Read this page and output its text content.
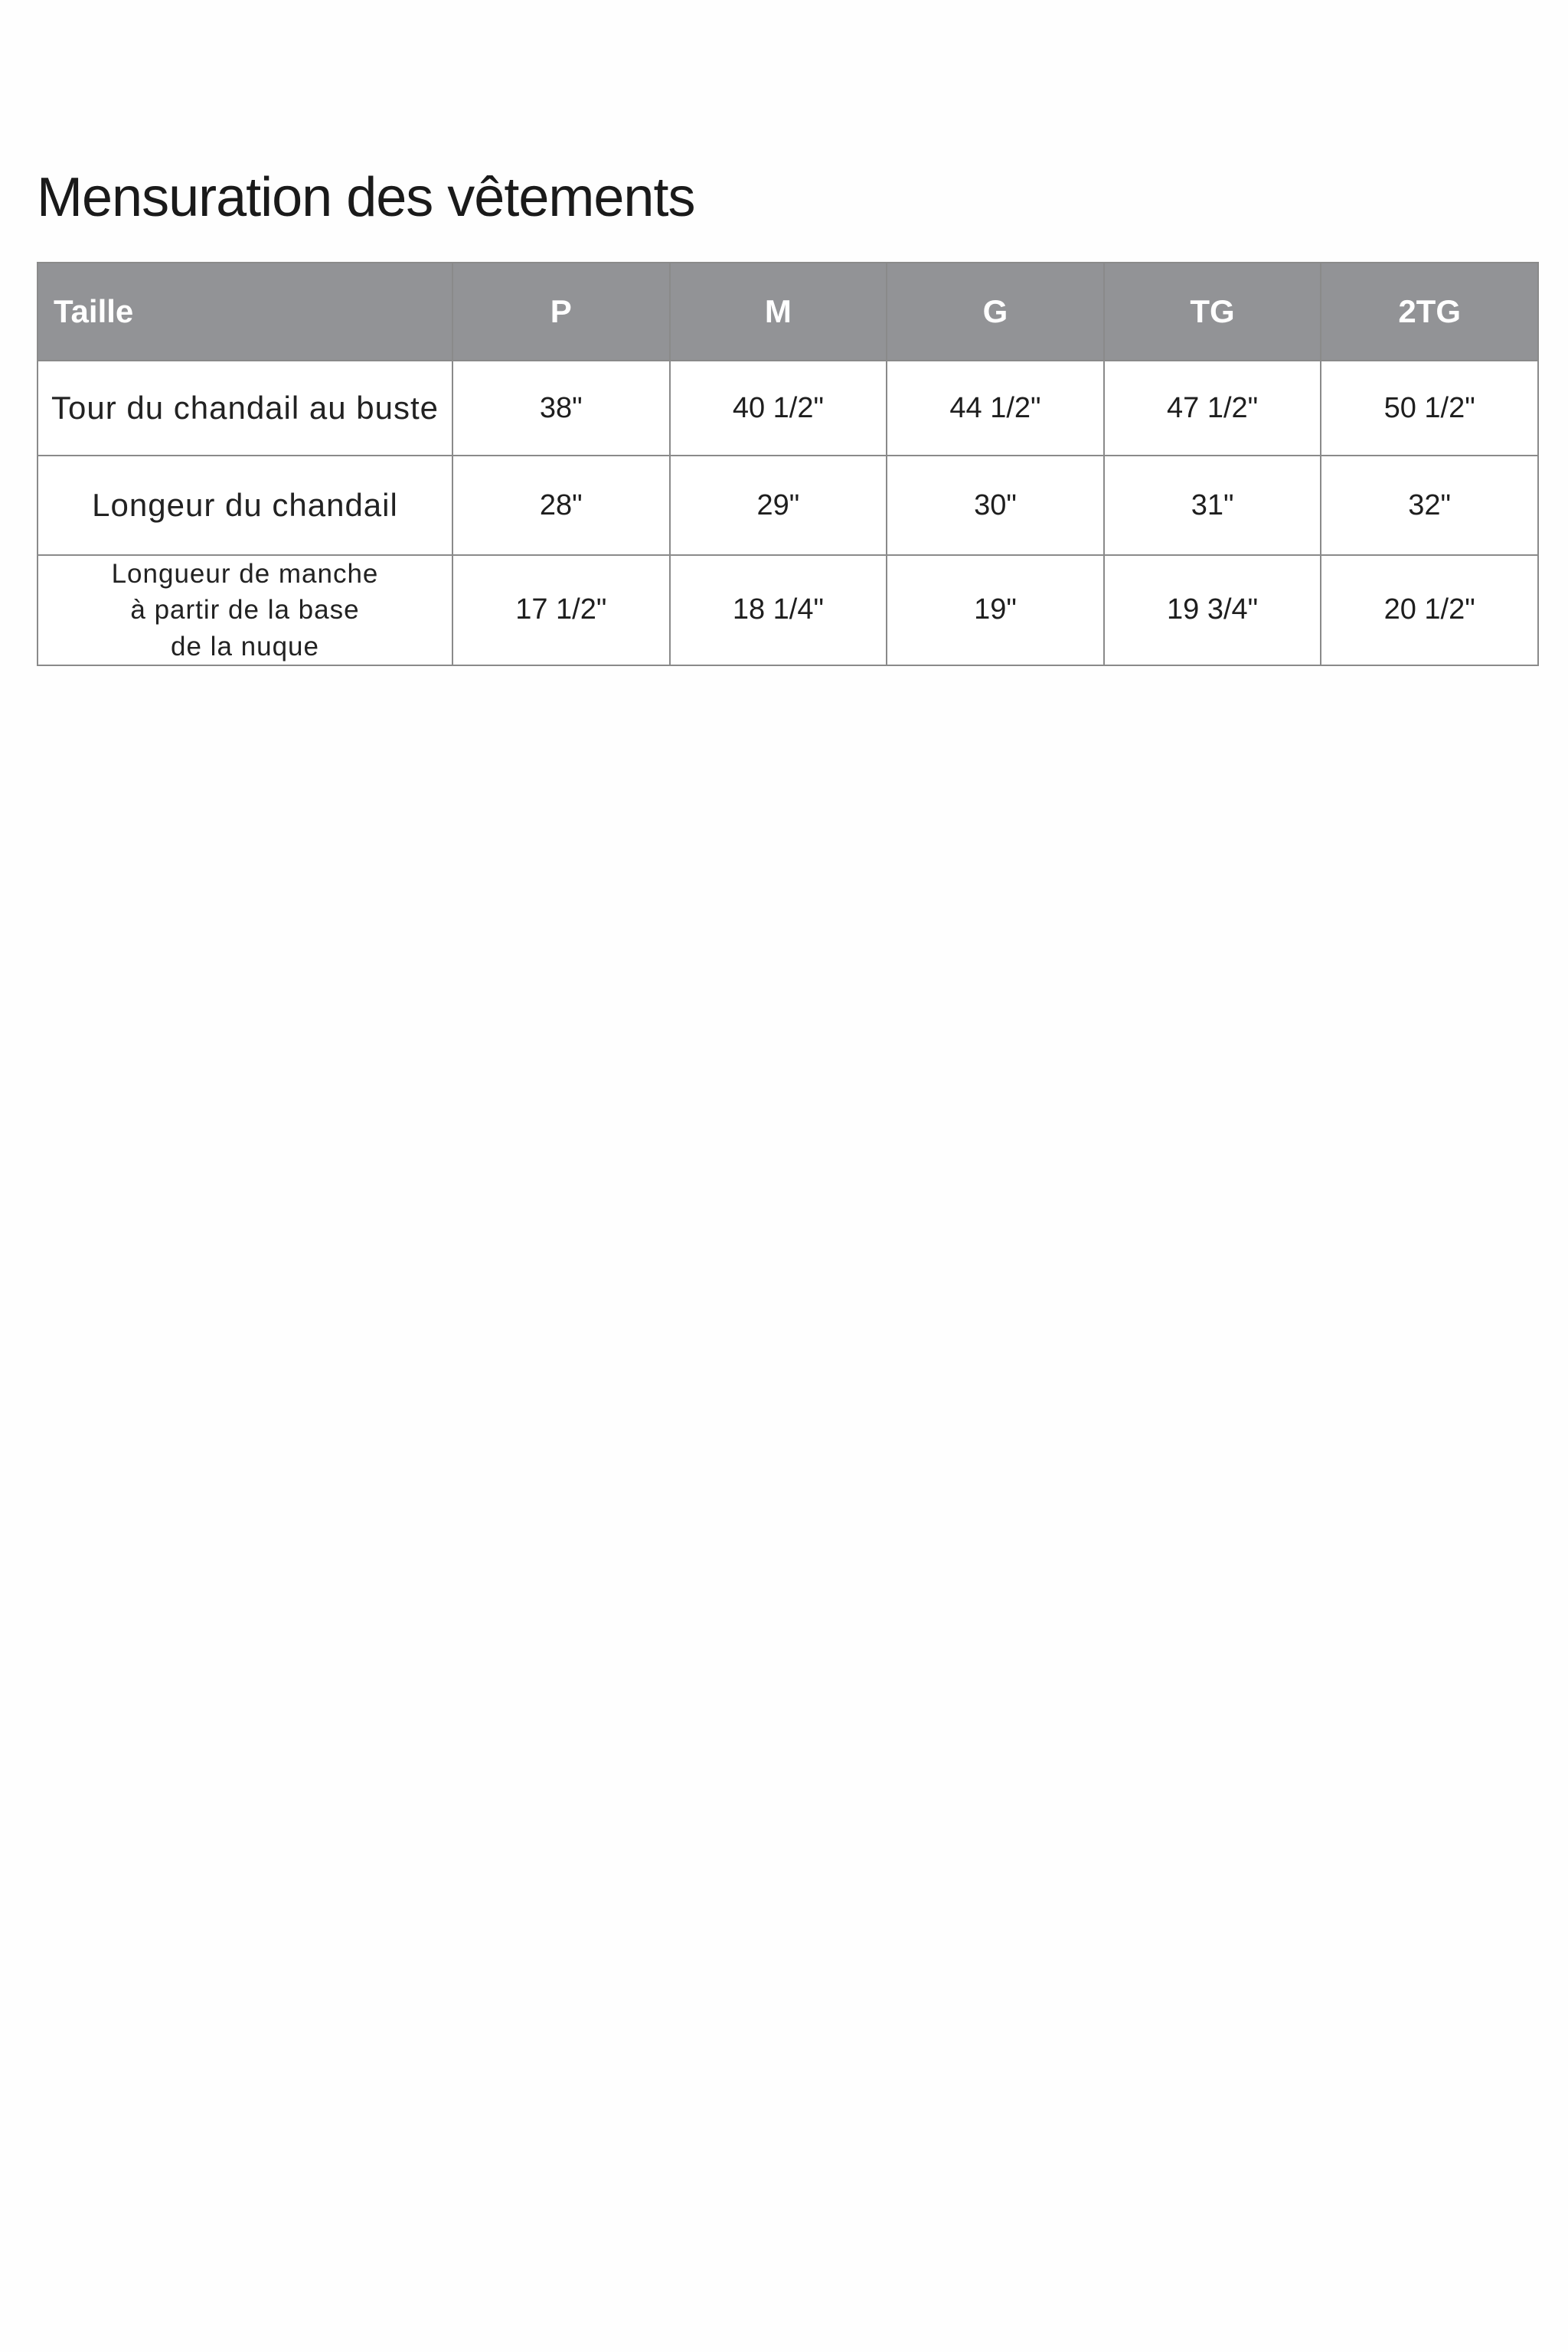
Mensuration des vêtements
Taille	P	M	G	TG	2TG
Tour du chandail au buste	38"	40 1/2"	44 1/2"	47 1/2"	50 1/2"
Longeur du chandail	28"	29"	30"	31"	32"

Longueur de manche
à partir de la base
de la nuque	17 1/2"	18 1/4"	19"	19 3/4"	20 1/2"
